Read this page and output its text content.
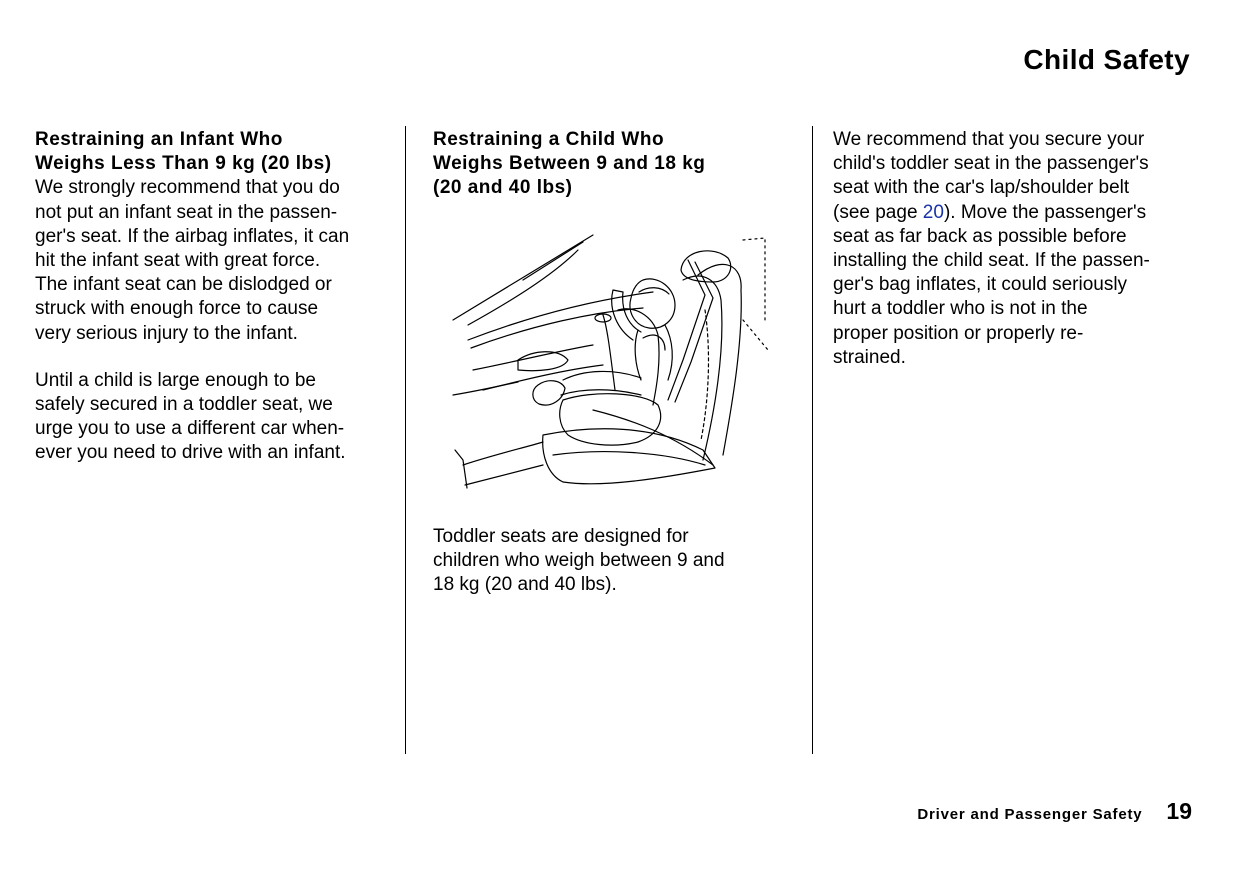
Child Safety

Restraining an Infant Who
Weighs Less Than 9 kg (20 lbs)

We strongly recommend that you do
not put an infant seat in the passen-
ger's seat. If the airbag inflates, it can
hit the infant seat with great force.
The infant seat can be dislodged or
struck with enough force to cause
very serious injury to the infant.

Until a child is large enough to be
safely secured in a toddler seat, we
urge you to use a different car when-
ever you need to drive with an infant.

Restraining a Child Who
Weighs Between 9 and 18 kg
(20 and 40 lbs)

Toddler seats are designed for
children who weigh between 9 and
18 kg (20 and 40 lbs).

We recommend that you secure your
child's toddler seat in the passenger's
seat with the car's lap/shoulder belt
(see page 20). Move the passenger's
seat as far back as possible before
installing the child seat. If the passen-
ger's bag inflates, it could seriously
hurt a toddler who is not in the
proper position or properly re-
strained.

Driver and Passenger Safety 19
